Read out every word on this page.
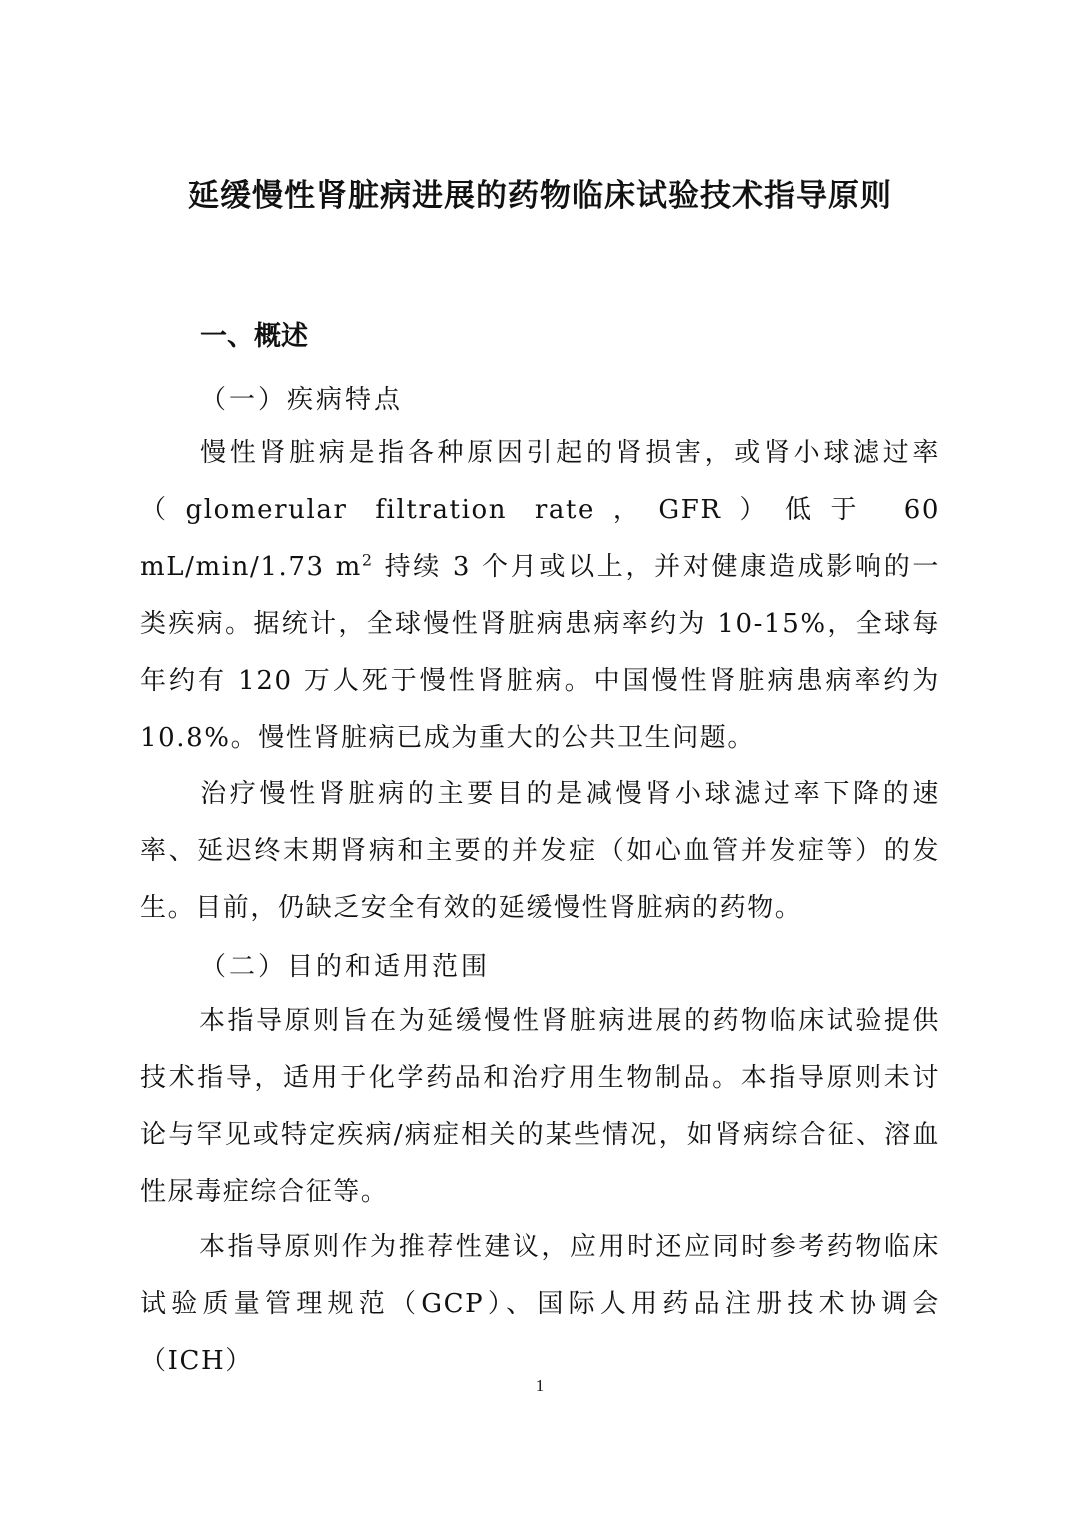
延缓慢性肾脏病进展的药物临床试验技术指导原则
一、概述
（一）疾病特点

慢性肾脏病是指各种原因引起的肾损害，或肾小球滤过率（glomerular filtration rate，GFR）低于 60 mL/min/1.73 $m^2$ 持续 3 个月或以上，并对健康造成影响的一类疾病。据统计，全球慢性肾脏病患病率约为 10-15%，全球每年约有 120 万人死于慢性肾脏病。中国慢性肾脏病患病率约为 10.8%。慢性肾脏病已成为重大的公共卫生问题。

治疗慢性肾脏病的主要目的是减慢肾小球滤过率下降的速率、延迟终末期肾病和主要的并发症（如心血管并发症等）的发生。目前，仍缺乏安全有效的延缓慢性肾脏病的药物。

（二）目的和适用范围

本指导原则旨在为延缓慢性肾脏病进展的药物临床试验提供技术指导，适用于化学药品和治疗用生物制品。本指导原则未讨论与罕见或特定疾病/病症相关的某些情况，如肾病综合征、溶血性尿毒症综合征等。

本指导原则作为推荐性建议，应用时还应同时参考药物临床试验质量管理规范（GCP）、国际人用药品注册技术协调会（ICH）

1
